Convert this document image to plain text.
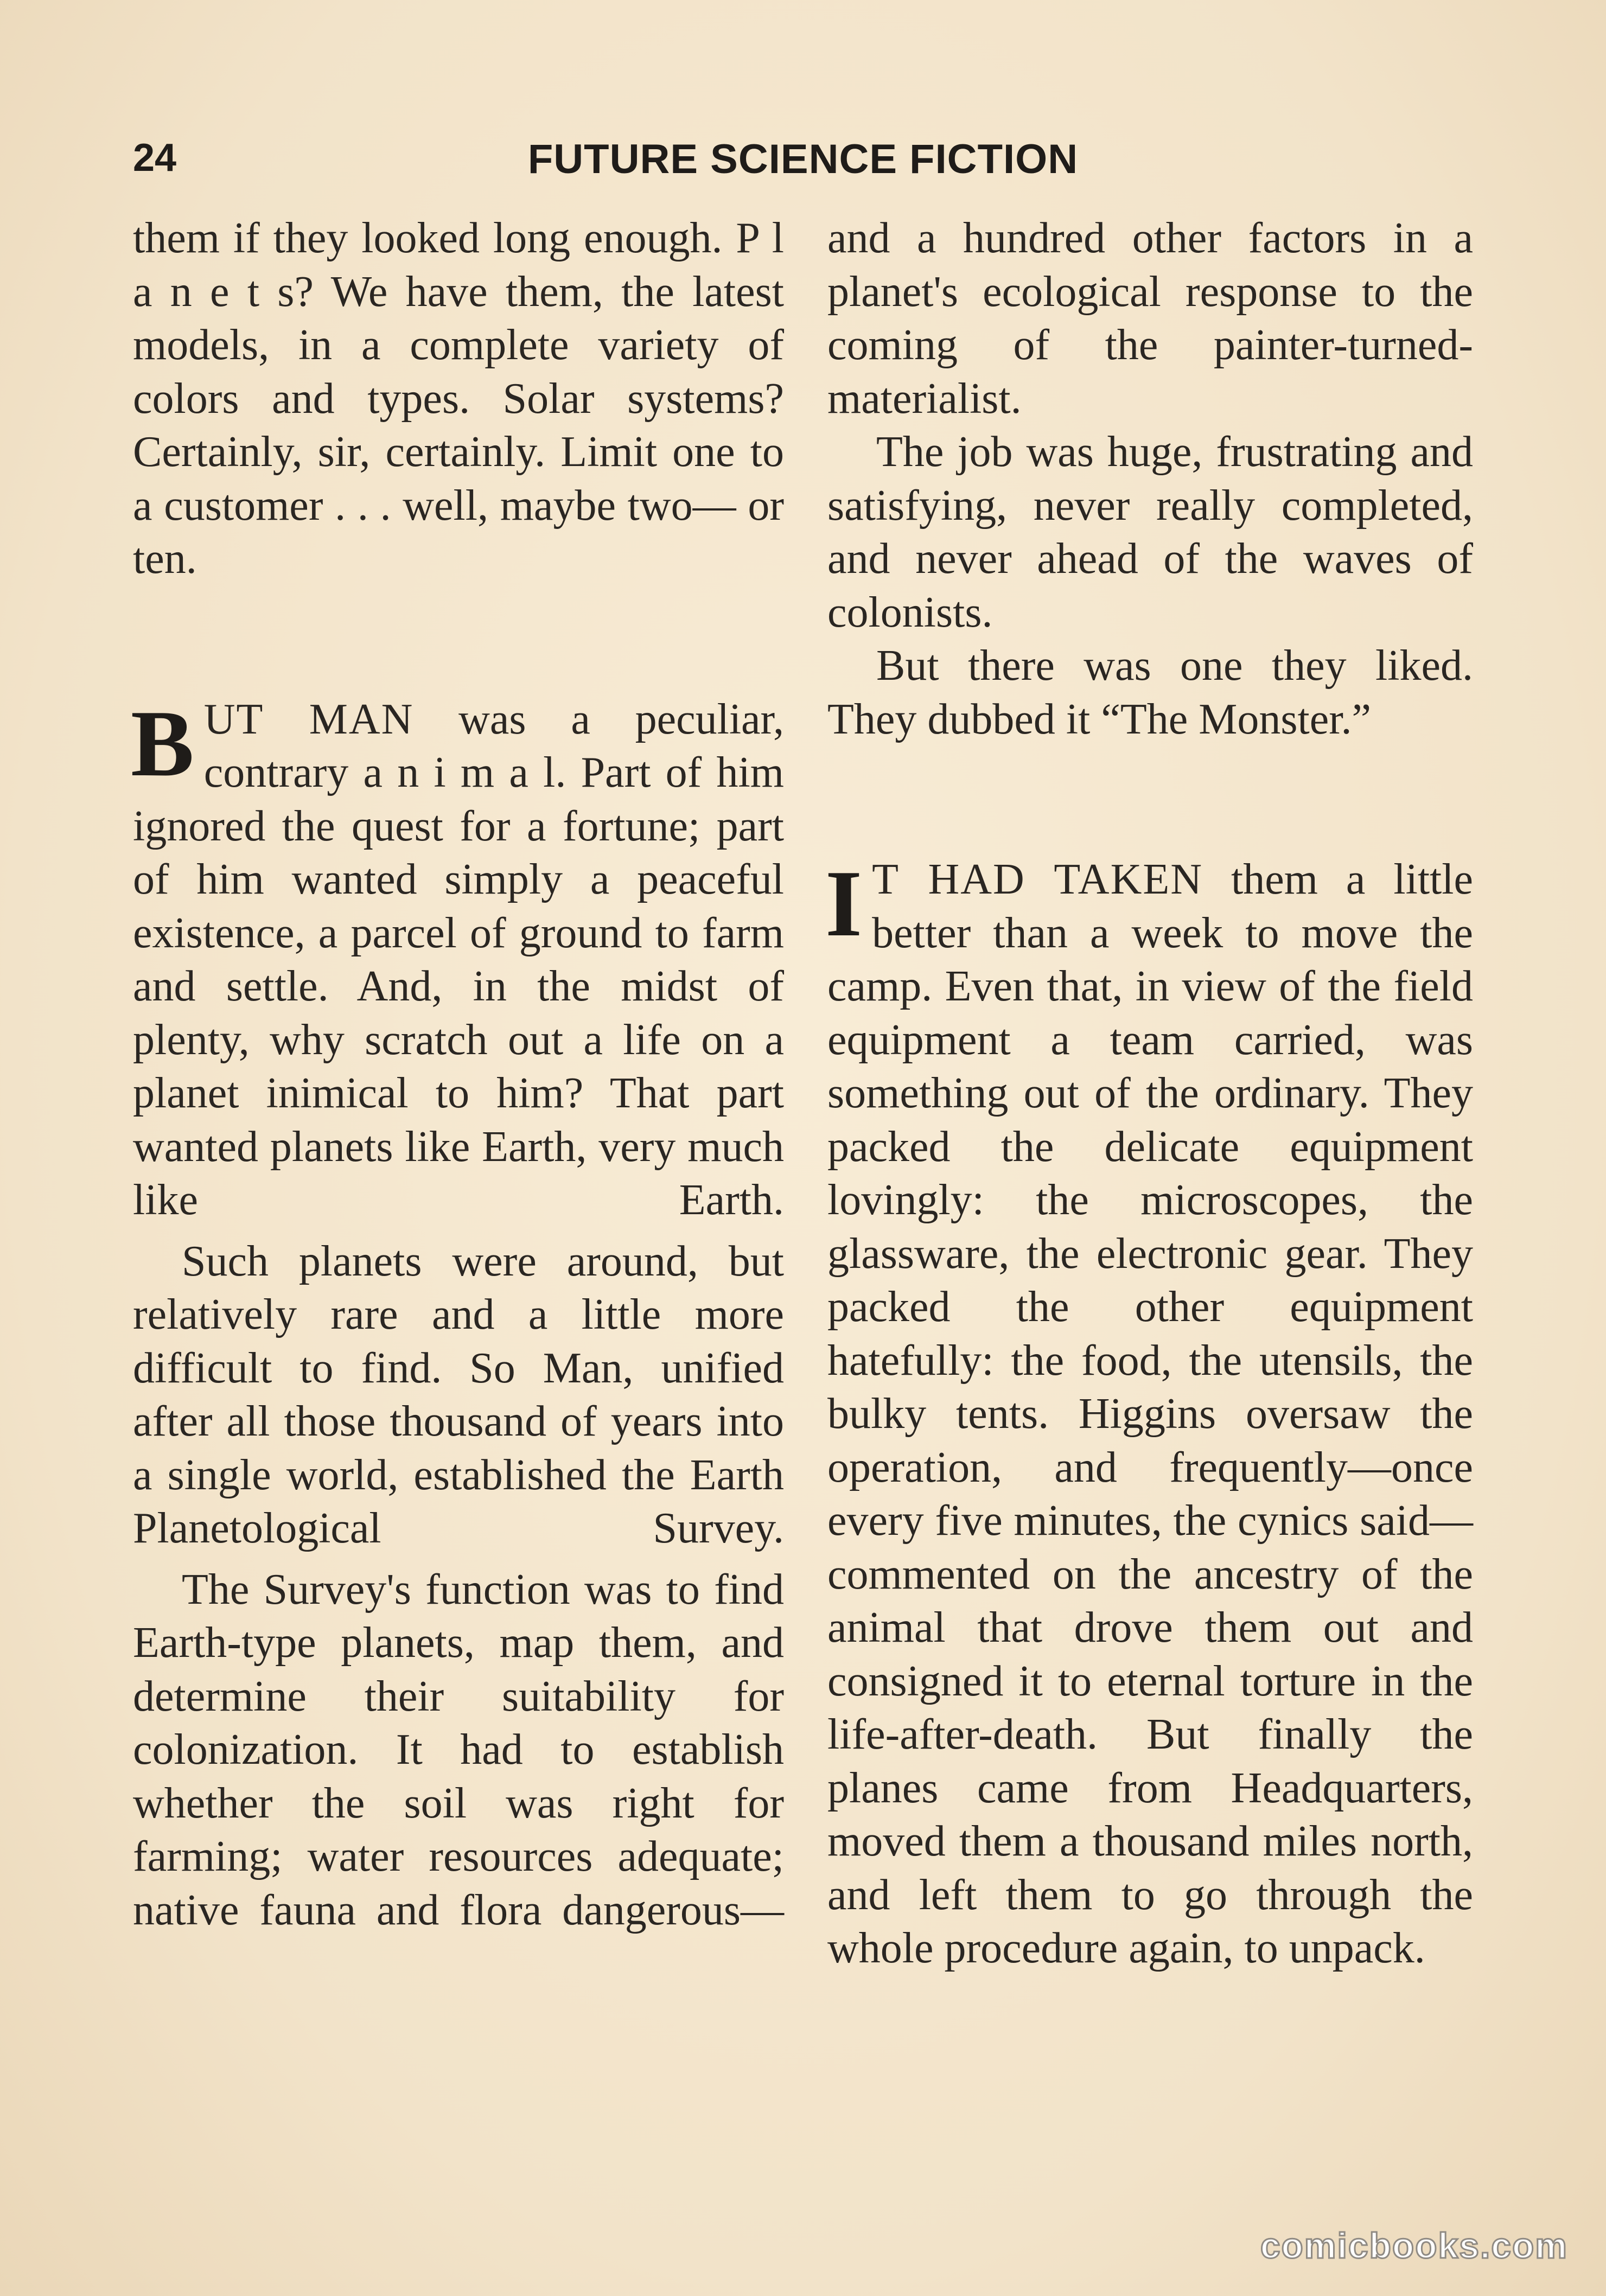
24	FUTURE SCIENCE FICTION

them if they looked long enough. P l a n e t s? We have them, the latest models, in a complete variety of colors and types. Solar systems? Certainly, sir, certainly. Limit one to a customer . . . well, maybe two— or ten.

BUT MAN was a peculiar, contrary a n i m a l. Part of him ignored the quest for a fortune; part of him wanted simply a peaceful existence, a parcel of ground to farm and settle. And, in the midst of plenty, why scratch out a life on a planet inimical to him? That part wanted planets like Earth, very much like Earth.

Such planets were around, but relatively rare and a little more difficult to find. So Man, unified after all those thousand of years into a single world, established the Earth Planetological Survey.

The Survey's function was to find Earth-type planets, map them, and determine their suitability for colonization. It had to establish whether the soil was right for farming; water resources adequate; native fauna and flora dangerous—

and a hundred other factors in a planet's ecological response to the coming of the painter-turned-materialist.

The job was huge, frustrating and satisfying, never really completed, and never ahead of the waves of colonists.

But there was one they liked. They dubbed it “The Monster.”

I T HAD TAKEN them a little better than a week to move the camp. Even that, in view of the field equipment a team carried, was something out of the ordinary. They packed the delicate equipment lovingly: the microscopes, the glassware, the electronic gear. They packed the other equipment hatefully: the food, the utensils, the bulky tents. Higgins oversaw the operation, and frequently—once every five minutes, the cynics said—commented on the ancestry of the animal that drove them out and consigned it to eternal torture in the life-after-death. But finally the planes came from Headquarters, moved them a thousand miles north, and left them to go through the whole procedure again, to unpack.

comicbooks.com
